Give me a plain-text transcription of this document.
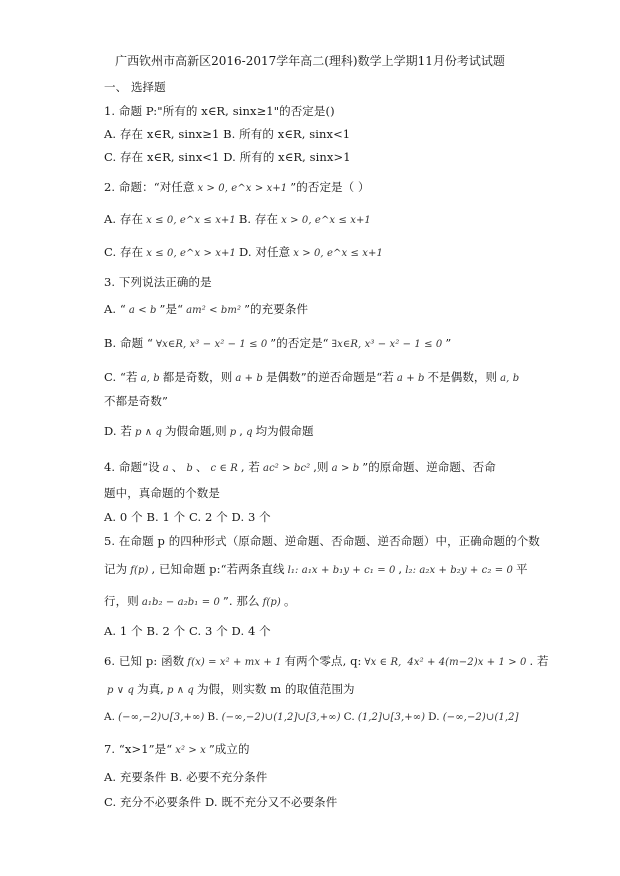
广西钦州市高新区2016-2017学年高二(理科)数学上学期11月份考试试题
一、 选择题
1. 命题 P:"所有的 x∈R, sinx≥1"的否定是()
A. 存在 x∈R, sinx≥1 B. 所有的 x∈R, sinx<1
C. 存在 x∈R, sinx<1 D. 所有的 x∈R, sinx>1
2. 命题：“对任意 x > 0, e^x > x+1 ”的否定是（ ）
A. 存在 x ≤ 0, e^x ≤ x+1 B. 存在 x > 0, e^x ≤ x+1
C. 存在 x ≤ 0, e^x > x+1 D. 对任意 x > 0, e^x ≤ x+1
3. 下列说法正确的是
A. “ a < b ”是“ am² < bm² ”的充要条件
B. 命题 “ ∀x∈R, x³ − x² − 1 ≤ 0 ”的否定是“ ∃x∈R, x³ − x² − 1 ≤ 0 ”
C. “若 a, b 都是奇数，则 a + b 是偶数”的逆否命题是“若 a + b 不是偶数，则 a, b
不都是奇数”
D. 若 p ∧ q 为假命题,则 p , q 均为假命题
4. 命题“设 a 、 b 、 c ∈ R , 若 ac² > bc² ,则 a > b ”的原命题、逆命题、否命
题中，真命题的个数是
A. 0 个 B. 1 个 C. 2 个 D. 3 个
5. 在命题 p 的四种形式（原命题、逆命题、否命题、逆否命题）中，正确命题的个数
记为 f(p) , 已知命题 p:“若两条直线 l₁: a₁x + b₁y + c₁ = 0 , l₂: a₂x + b₂y + c₂ = 0 平
行，则 a₁b₂ − a₂b₁ = 0 ”. 那么 f(p) 。
A. 1 个 B. 2 个 C. 3 个 D. 4 个
6. 已知 p: 函数 f(x) = x² + mx + 1 有两个零点, q: ∀x ∈ R, 4x² + 4(m−2)x + 1 > 0 . 若
p ∨ q 为真, p ∧ q 为假，则实数 m 的取值范围为
A. (−∞,−2)∪[3,+∞) B. (−∞,−2)∪(1,2]∪[3,+∞) C. (1,2]∪[3,+∞) D. (−∞,−2)∪(1,2]
7. “x>1”是“ x² > x ”成立的
A. 充要条件 B. 必要不充分条件
C. 充分不必要条件 D. 既不充分又不必要条件
